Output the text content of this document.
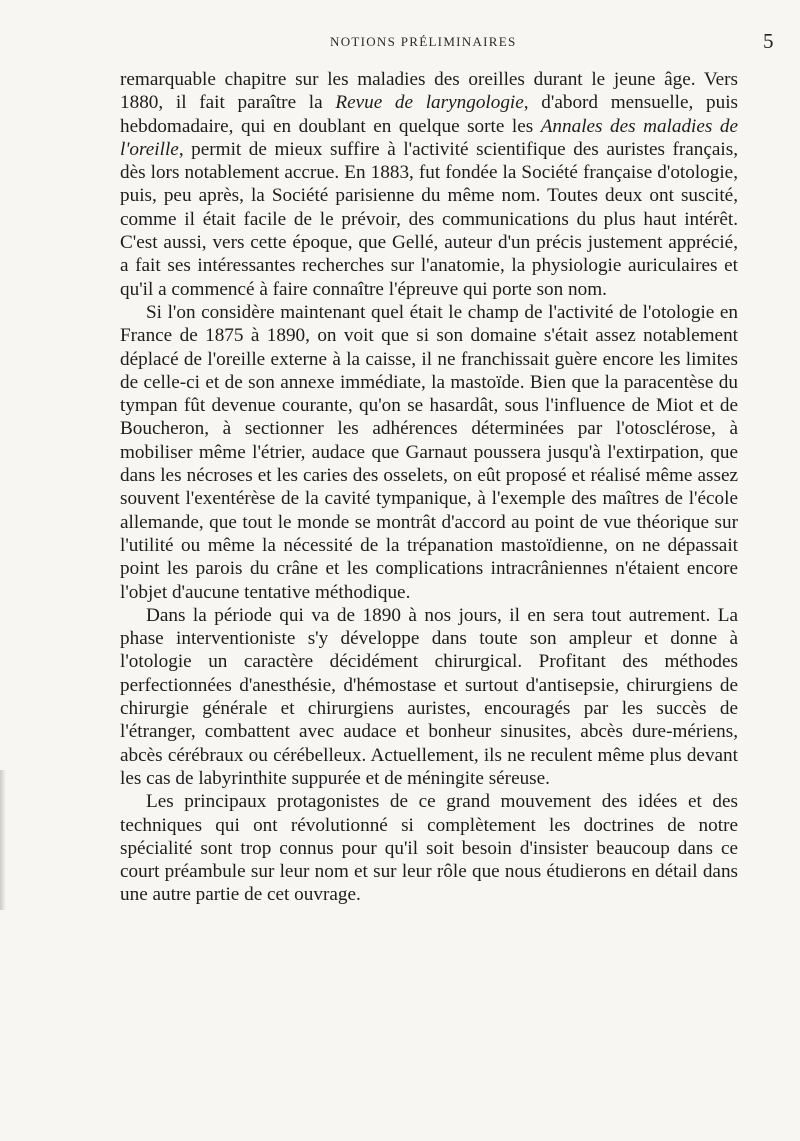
NOTIONS PRÉLIMINAIRES	5

remarquable chapitre sur les maladies des oreilles durant le jeune âge. Vers 1880, il fait paraître la Revue de laryngologie, d'abord mensuelle, puis hebdomadaire, qui en doublant en quelque sorte les Annales des maladies de l'oreille, permit de mieux suffire à l'activité scientifique des auristes français, dès lors notablement accrue. En 1883, fut fondée la Société française d'otologie, puis, peu après, la Société parisienne du même nom. Toutes deux ont suscité, comme il était facile de le prévoir, des communications du plus haut intérêt. C'est aussi, vers cette époque, que Gellé, auteur d'un précis justement apprécié, a fait ses intéressantes recherches sur l'anatomie, la physiologie auriculaires et qu'il a commencé à faire connaître l'épreuve qui porte son nom.

Si l'on considère maintenant quel était le champ de l'activité de l'otologie en France de 1875 à 1890, on voit que si son domaine s'était assez notablement déplacé de l'oreille externe à la caisse, il ne franchissait guère encore les limites de celle-ci et de son annexe immédiate, la mastoïde. Bien que la paracentèse du tympan fût devenue courante, qu'on se hasardât, sous l'influence de Miot et de Boucheron, à sectionner les adhérences déterminées par l'otosclérose, à mobiliser même l'étrier, audace que Garnaut poussera jusqu'à l'extirpation, que dans les nécroses et les caries des osselets, on eût proposé et réalisé même assez souvent l'exentérèse de la cavité tympanique, à l'exemple des maîtres de l'école allemande, que tout le monde se montrât d'accord au point de vue théorique sur l'utilité ou même la nécessité de la trépanation mastoïdienne, on ne dépassait point les parois du crâne et les complications intracrâniennes n'étaient encore l'objet d'aucune tentative méthodique.

Dans la période qui va de 1890 à nos jours, il en sera tout autrement. La phase interventioniste s'y développe dans toute son ampleur et donne à l'otologie un caractère décidément chirurgical. Profitant des méthodes perfectionnées d'anesthésie, d'hémostase et surtout d'antisepsie, chirurgiens de chirurgie générale et chirurgiens auristes, encouragés par les succès de l'étranger, combattent avec audace et bonheur sinusites, abcès dure-mériens, abcès cérébraux ou cérébelleux. Actuellement, ils ne reculent même plus devant les cas de labyrinthite suppurée et de méningite séreuse.

Les principaux protagonistes de ce grand mouvement des idées et des techniques qui ont révolutionné si complètement les doctrines de notre spécialité sont trop connus pour qu'il soit besoin d'insister beaucoup dans ce court préambule sur leur nom et sur leur rôle que nous étudierons en détail dans une autre partie de cet ouvrage.
